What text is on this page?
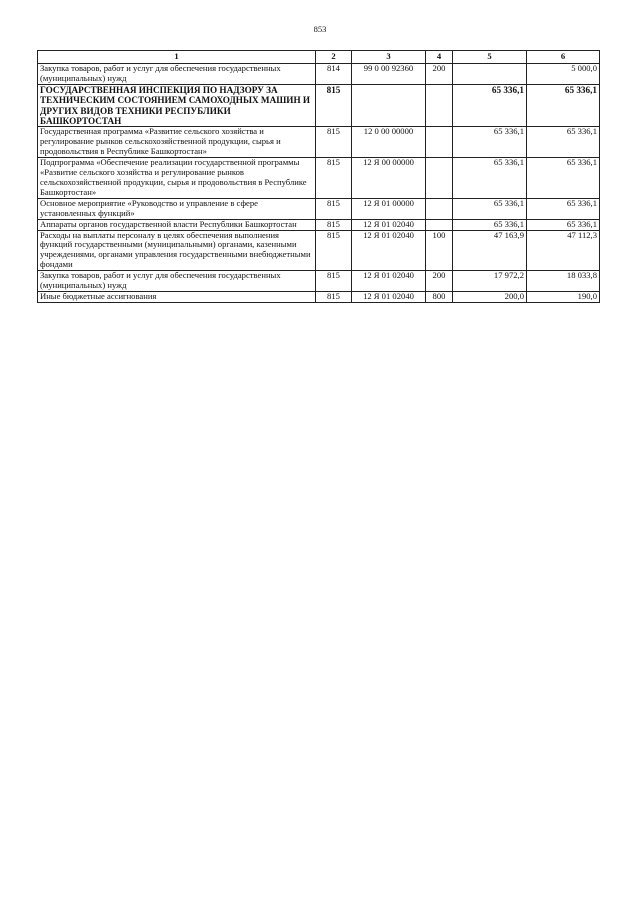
853
1	2	3	4	5	6
Закупка товаров, работ и услуг для обеспечения государственных (муниципальных) нужд	814	99 0 00 92360	200		5 000,0
ГОСУДАРСТВЕННАЯ ИНСПЕКЦИЯ ПО НАДЗОРУ ЗА ТЕХНИЧЕСКИМ СОСТОЯНИЕМ САМОХОДНЫХ МАШИН И ДРУГИХ ВИДОВ ТЕХНИКИ РЕСПУБЛИКИ БАШКОРТОСТАН	815			65 336,1	65 336,1
Государственная программа «Развитие сельского хозяйства и регулирование рынков сельскохозяйственной продукции, сырья и продовольствия в Республике Башкортостан»	815	12 0 00 00000		65 336,1	65 336,1
Подпрограмма «Обеспечение реализации государственной программы «Развитие сельского хозяйства и регулирование рынков сельскохозяйственной продукции, сырья и продовольствия в Республике Башкортостан»	815	12 Я 00 00000		65 336,1	65 336,1
Основное мероприятие «Руководство и управление в сфере установленных функций»	815	12 Я 01 00000		65 336,1	65 336,1
Аппараты органов государственной власти Республики Башкортостан	815	12 Я 01 02040		65 336,1	65 336,1
Расходы на выплаты персоналу в целях обеспечения выполнения функций государственными (муниципальными) органами, казенными учреждениями, органами управления государственными внебюджетными фондами	815	12 Я 01 02040	100	47 163,9	47 112,3
Закупка товаров, работ и услуг для обеспечения государственных (муниципальных) нужд	815	12 Я 01 02040	200	17 972,2	18 033,8
Иные бюджетные ассигнования	815	12 Я 01 02040	800	200,0	190,0
